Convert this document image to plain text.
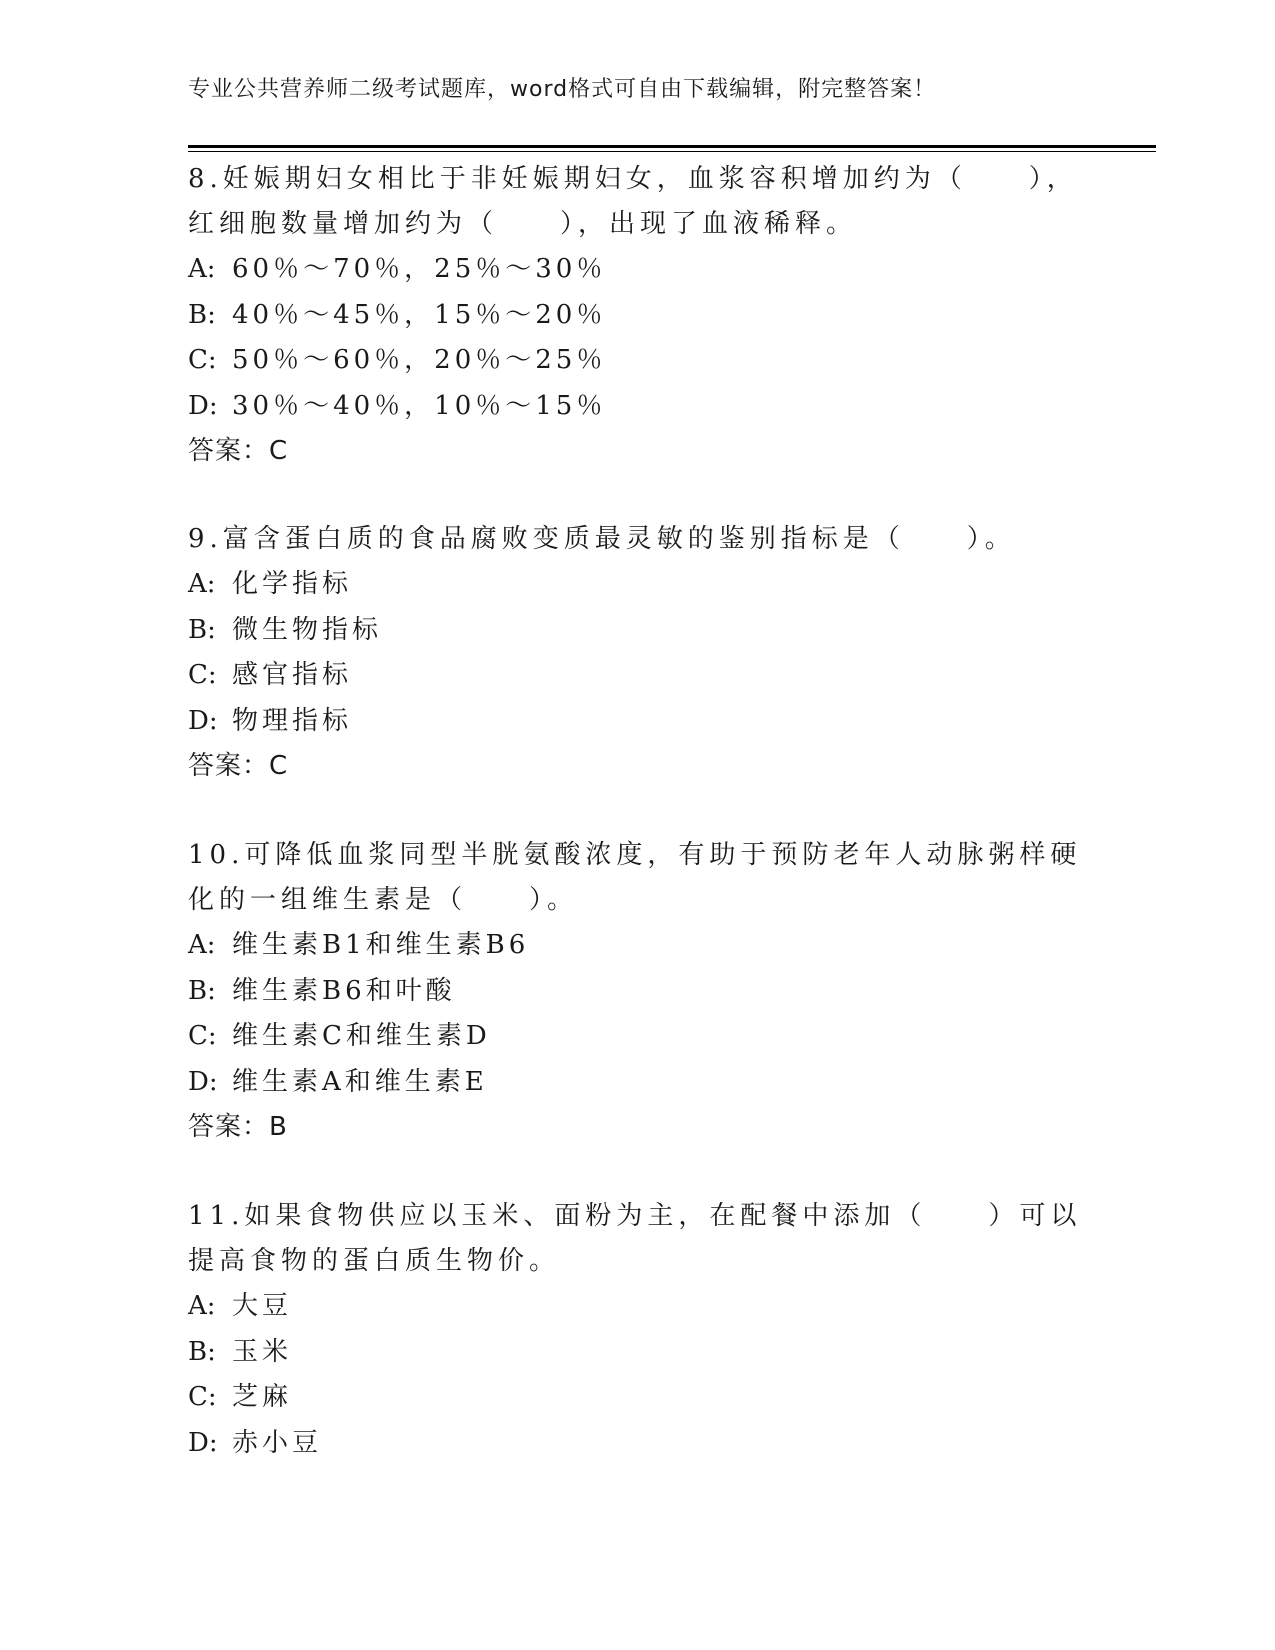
专业公共营养师二级考试题库，word格式可自由下载编辑，附完整答案！

8.妊娠期妇女相比于非妊娠期妇女，血浆容积增加约为（　　），红细胞数量增加约为（　　），出现了血液稀释。

A: 60％～70％，25％～30％
B: 40％～45％，15％～20％
C: 50％～60％，20％～25％
D: 30％～40％，10％～15％
答案：C

9.富含蛋白质的食品腐败变质最灵敏的鉴别指标是（　　）。

A: 化学指标
B: 微生物指标
C: 感官指标
D: 物理指标
答案：C

10.可降低血浆同型半胱氨酸浓度，有助于预防老年人动脉粥样硬化的一组维生素是（　　）。

A: 维生素B1和维生素B6
B: 维生素B6和叶酸
C: 维生素C和维生素D
D: 维生素A和维生素E
答案：B

11.如果食物供应以玉米、面粉为主，在配餐中添加（　　）可以提高食物的蛋白质生物价。

A: 大豆
B: 玉米
C: 芝麻
D: 赤小豆
